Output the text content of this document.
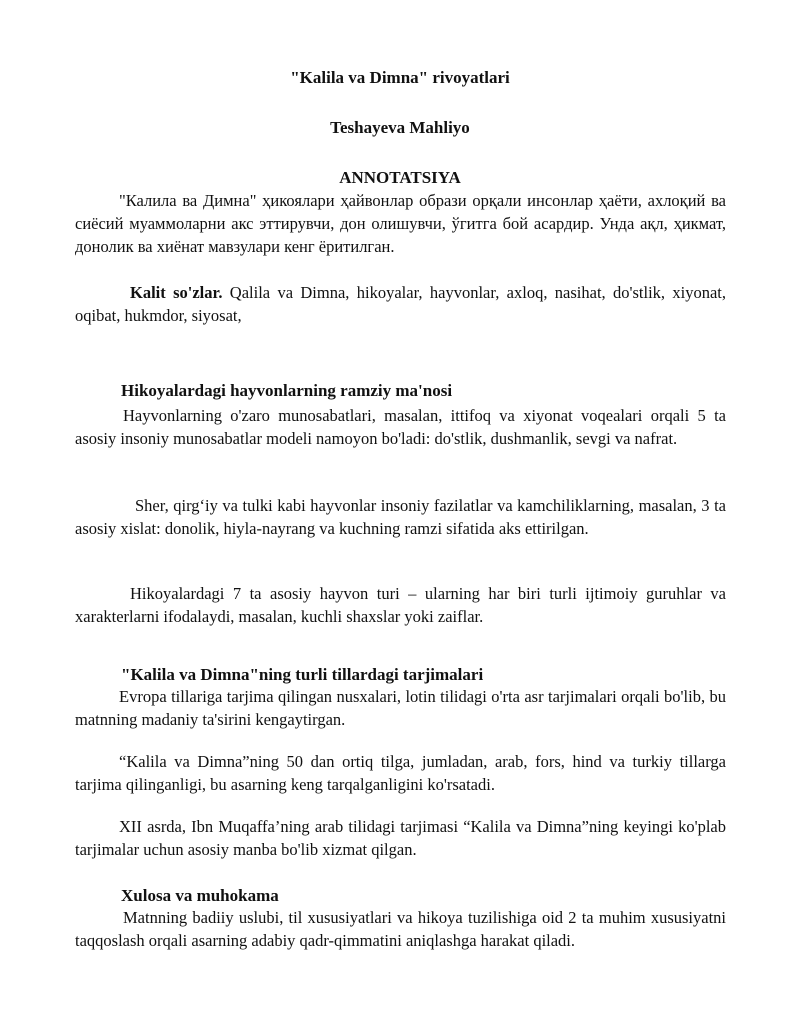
"Kalila va Dimna" rivoyatlari

Teshayeva Mahliyo

ANNOTATSIYA

"Калила ва Димна" ҳикоялари ҳайвонлар образи орқали инсонлар ҳаёти, ахлоқий ва сиёсий муаммоларни акс эттирувчи, дон олишувчи, ўгитга бой асардир. Унда ақл, ҳикмат, донолик ва хиёнат мавзулари кенг ёритилган.

Kalit so'zlar. Qalila va Dimna, hikoyalar, hayvonlar, axloq, nasihat, do'stlik, xiyonat, oqibat, hukmdor, siyosat,

Hikoyalardagi hayvonlarning ramziy ma'nosi

Hayvonlarning o'zaro munosabatlari, masalan, ittifoq va xiyonat voqealari orqali 5 ta asosiy insoniy munosabatlar modeli namoyon bo'ladi: do'stlik, dushmanlik, sevgi va nafrat.

Sher, qirg‘iy va tulki kabi hayvonlar insoniy fazilatlar va kamchiliklarning, masalan, 3 ta asosiy xislat: donolik, hiyla-nayrang va kuchning ramzi sifatida aks ettirilgan.

Hikoyalardagi 7 ta asosiy hayvon turi – ularning har biri turli ijtimoiy guruhlar va xarakterlarni ifodalaydi, masalan, kuchli shaxslar yoki zaiflar.

"Kalila va Dimna"ning turli tillardagi tarjimalari

Evropa tillariga tarjima qilingan nusxalari, lotin tilidagi o'rta asr tarjimalari orqali bo'lib, bu matnning madaniy ta'sirini kengaytirgan.

“Kalila va Dimna”ning 50 dan ortiq tilga, jumladan, arab, fors, hind va turkiy tillarga tarjima qilinganligi, bu asarning keng tarqalganligini ko'rsatadi.

XII asrda, Ibn Muqaffa’ning arab tilidagi tarjimasi “Kalila va Dimna”ning keyingi ko'plab tarjimalar uchun asosiy manba bo'lib xizmat qilgan.

Xulosa va muhokama

Matnning badiiy uslubi, til xususiyatlari va hikoya tuzilishiga oid 2 ta muhim xususiyatni taqqoslash orqali asarning adabiy qadr-qimmatini aniqlashga harakat qiladi.
